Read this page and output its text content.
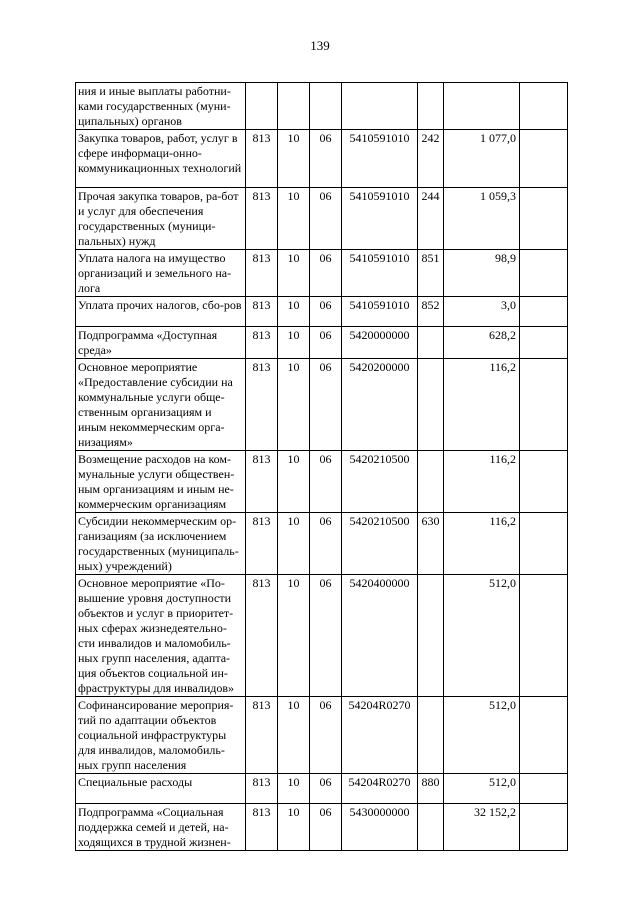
139
ния и иные выплаты работни-ками государственных (муни-ципальных) органов							
Закупка товаров, работ, услуг в сфере информаци-онно-коммуникационных технологий	813	10	06	5410591010	242	1 077,0	
Прочая закупка товаров, ра-бот и услуг для обеспечения государственных (муници-пальных) нужд	813	10	06	5410591010	244	1 059,3	
Уплата налога на имущество организаций и земельного на-лога	813	10	06	5410591010	851	98,9	
Уплата прочих налогов, сбо-ров	813	10	06	5410591010	852	3,0	
Подпрограмма «Доступная среда»	813	10	06	5420000000		628,2	
Основное мероприятие «Предоставление субсидии на коммунальные услуги обще-ственным организациям и иным некоммерческим орга-низациям»	813	10	06	5420200000		116,2	
Возмещение расходов на ком-мунальные услуги обществен-ным организациям и иным не-коммерческим организациям	813	10	06	5420210500		116,2	
Субсидии некоммерческим ор-ганизациям (за исключением государственных (муниципаль-ных) учреждений)	813	10	06	5420210500	630	116,2	
Основное мероприятие «По-вышение уровня доступности объектов и услуг в приоритет-ных сферах жизнедеятельно-сти инвалидов и маломобиль-ных групп населения, адапта-ция объектов социальной ин-фраструктуры для инвалидов»	813	10	06	5420400000		512,0	
Софинансирование мероприя-тий по адаптации объектов социальной инфраструктуры для инвалидов, маломобиль-ных групп населения	813	10	06	54204R0270		512,0	
Специальные расходы	813	10	06	54204R0270	880	512,0	
Подпрограмма «Социальная поддержка семей и детей, на-ходящихся в трудной жизнен-	813	10	06	5430000000		32 152,2	
